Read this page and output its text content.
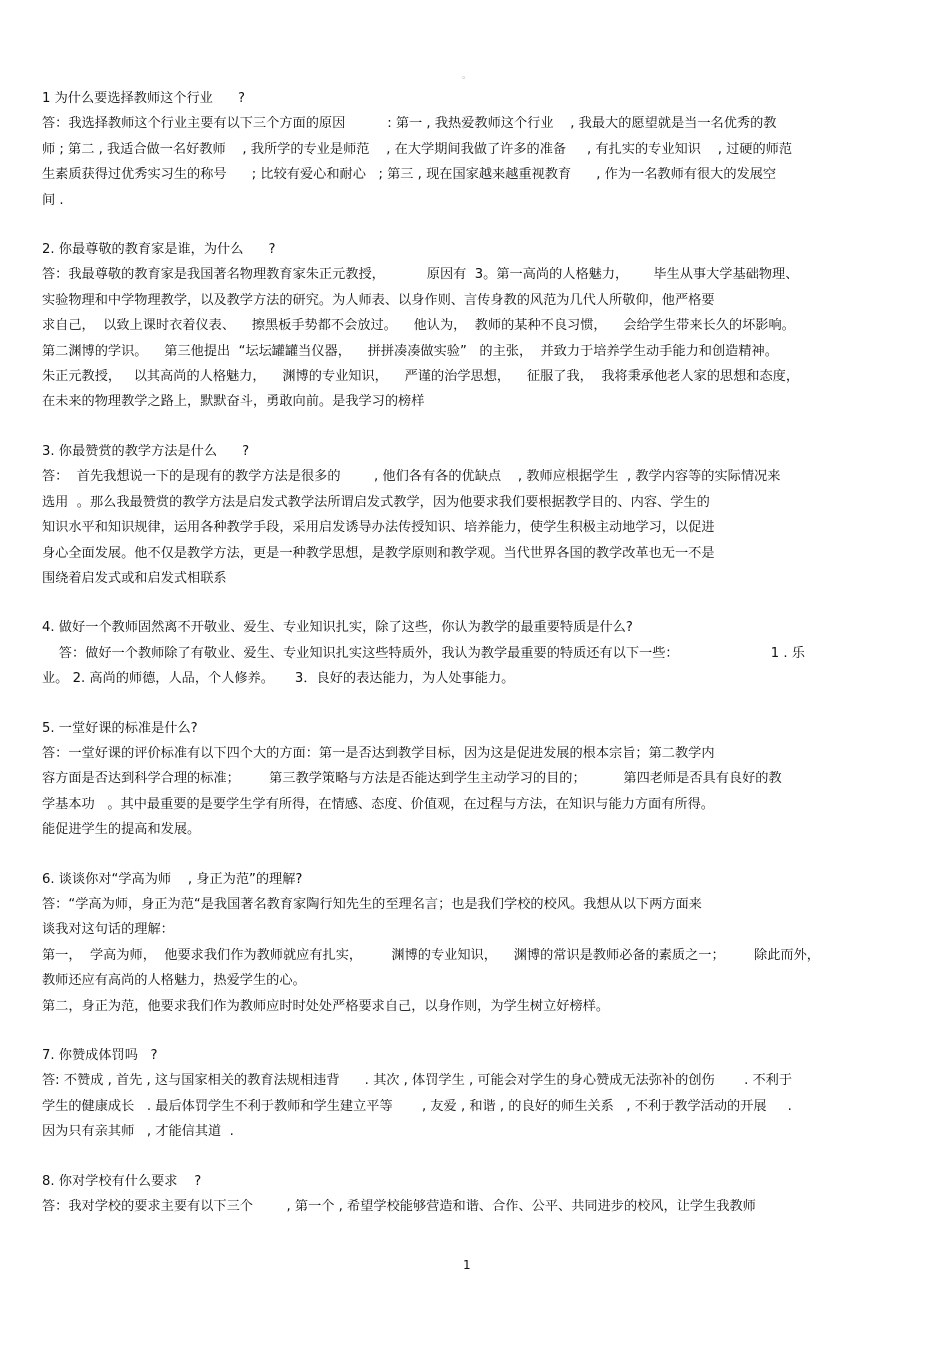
。
1 为什么要选择教师这个行业      ?
答：我选择教师这个行业主要有以下三个方面的原因          : 第一 , 我热爱教师这个行业    , 我最大的愿望就是当一名优秀的教
师 ; 第二 , 我适合做一名好教师    , 我所学的专业是师范    , 在大学期间我做了许多的准备     , 有扎实的专业知识    , 过硬的师范
生素质获得过优秀实习生的称号      ; 比较有爱心和耐心   ; 第三 , 现在国家越来越重视教育      , 作为一名教师有很大的发展空
间 .
2. 你最尊敬的教育家是谁，为什么      ?
答：我最尊敬的教育家是我国著名物理教育家朱正元教授，          原因有  3。第一高尚的人格魅力，      毕生从事大学基础物理、
实验物理和中学物理教学，以及教学方法的研究。为人师表、以身作则、言传身教的风范为几代人所敬仰，他严格要
求自己，  以致上课时衣着仪表、    擦黑板手势都不会放过。    他认为，  教师的某种不良习惯，    会给学生带来长久的坏影响。
第二渊博的学识。    第三他提出  “坛坛罐罐当仪器，    拼拼凑凑做实验”   的主张，  并致力于培养学生动手能力和创造精神。
朱正元教授，   以其高尚的人格魅力，    渊博的专业知识，    严谨的治学思想，    征服了我，  我将秉承他老人家的思想和态度，
在未来的物理教学之路上，默默奋斗，勇敢向前。是我学习的榜样
3. 你最赞赏的教学方法是什么      ?
答：  首先我想说一下的是现有的教学方法是很多的        , 他们各有各的优缺点    , 教师应根据学生  , 教学内容等的实际情况来
选用  。那么我最赞赏的教学方法是启发式教学法所谓启发式教学，因为他要求我们要根据教学目的、内容、学生的
知识水平和知识规律，运用各种教学手段，采用启发诱导办法传授知识、培养能力，使学生积极主动地学习，以促进
身心全面发展。他不仅是教学方法，更是一种教学思想，是教学原则和教学观。当代世界各国的教学改革也无一不是
围绕着启发式或和启发式相联系
4. 做好一个教师固然离不开敬业、爱生、专业知识扎实，除了这些，你认为教学的最重要特质是什么?
答：做好一个教师除了有敬业、爱生、专业知识扎实这些特质外，我认为教学最重要的特质还有以下一些：                      1 . 乐
业。 2. 高尚的师德，人品，个人修养。     3．良好的表达能力，为人处事能力。
5. 一堂好课的标准是什么?
答：一堂好课的评价标准有以下四个大的方面：第一是否达到教学目标，因为这是促进发展的根本宗旨；第二教学内
容方面是否达到科学合理的标准；       第三教学策略与方法是否能达到学生主动学习的目的；         第四老师是否具有良好的教
学基本功   。其中最重要的是要学生学有所得，在情感、态度、价值观，在过程与方法，在知识与能力方面有所得。
能促进学生的提高和发展。
6. 谈谈你对“学高为师    , 身正为范”的理解?
答：“学高为师，身正为范“是我国著名教育家陶行知先生的至理名言；也是我们学校的校风。我想从以下两方面来
谈我对这句话的理解：
第一，  学高为师，  他要求我们作为教师就应有扎实，       渊博的专业知识，    渊博的常识是教师必备的素质之一；       除此而外，
教师还应有高尚的人格魅力，热爱学生的心。
第二，身正为范，他要求我们作为教师应时时处处严格要求自己，以身作则，为学生树立好榜样。
7. 你赞成体罚吗   ?
答: 不赞成 , 首先 , 这与国家相关的教育法规相违背      . 其次 , 体罚学生 , 可能会对学生的身心赞成无法弥补的创伤       . 不利于
学生的健康成长   . 最后体罚学生不利于教师和学生建立平等       , 友爱 , 和谐 , 的良好的师生关系   , 不利于教学活动的开展     .
因为只有亲其师   , 才能信其道  .
8. 你对学校有什么要求    ?
答：我对学校的要求主要有以下三个        , 第一个 , 希望学校能够营造和谐、合作、公平、共同进步的校风，让学生我教师
1
